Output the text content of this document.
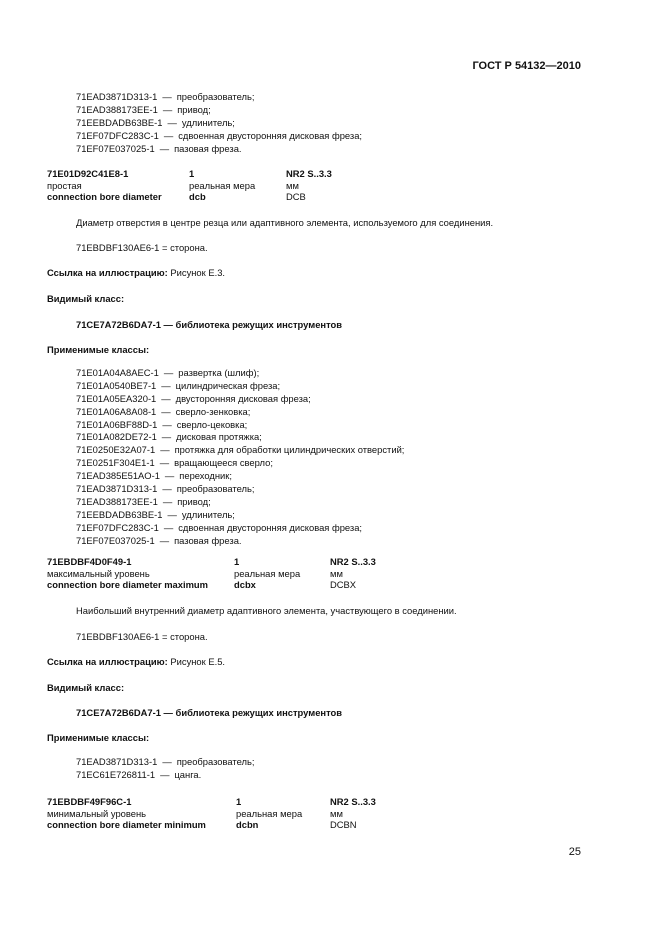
ГОСТ Р 54132—2010
71EAD3871D313-1 — преобразователь;
71EAD388173EE-1 — привод;
71EEBDADB63BE-1 — удлинитель;
71EF07DFC283C-1 — сдвоенная двусторонняя дисковая фреза;
71EF07E037025-1 — пазовая фреза.
71E01D92C41E8-1	1	NR2 S..3.3
простая	реальная мера	мм
connection bore diameter	dcb	DCB
Диаметр отверстия в центре резца или адаптивного элемента, используемого для соединения.
71EBDBF130AE6-1 = сторона.
Ссылка на иллюстрацию: Рисунок Е.3.
Видимый класс:
71CE7A72B6DA7-1 — библиотека режущих инструментов
Применимые классы:
71E01A04A8AEC-1 — развертка (шлиф);
71E01A0540BE7-1 — цилиндрическая фреза;
71E01A05EA320-1 — двусторонняя дисковая фреза;
71E01A06A8A08-1 — сверло-зенковка;
71E01A06BF88D-1 — сверло-цековка;
71E01A082DE72-1 — дисковая протяжка;
71E0250E32A07-1 — протяжка для обработки цилиндрических отверстий;
71E0251F304E1-1 — вращающееся сверло;
71EAD385E51AO-1 — переходник;
71EAD3871D313-1 — преобразователь;
71EAD388173EE-1 — привод;
71EEBDADB63BE-1 — удлинитель;
71EF07DFC283C-1 — сдвоенная двусторонняя дисковая фреза;
71EF07E037025-1 — пазовая фреза.
71EBDBF4D0F49-1	1	NR2 S..3.3
максимальный уровень	реальная мера	мм
connection bore diameter maximum	dcbx	DCBX
Наибольший внутренний диаметр адаптивного элемента, участвующего в соединении.
71EBDBF130AE6-1 = сторона.
Ссылка на иллюстрацию: Рисунок Е.5.
Видимый класс:
71CE7A72B6DA7-1 — библиотека режущих инструментов
Применимые классы:
71EAD3871D313-1 — преобразователь;
71EC61E726811-1 — цанга.
71EBDBF49F96C-1	1	NR2 S..3.3
минимальный уровень	реальная мера	мм
connection bore diameter minimum	dcbn	DCBN
25
